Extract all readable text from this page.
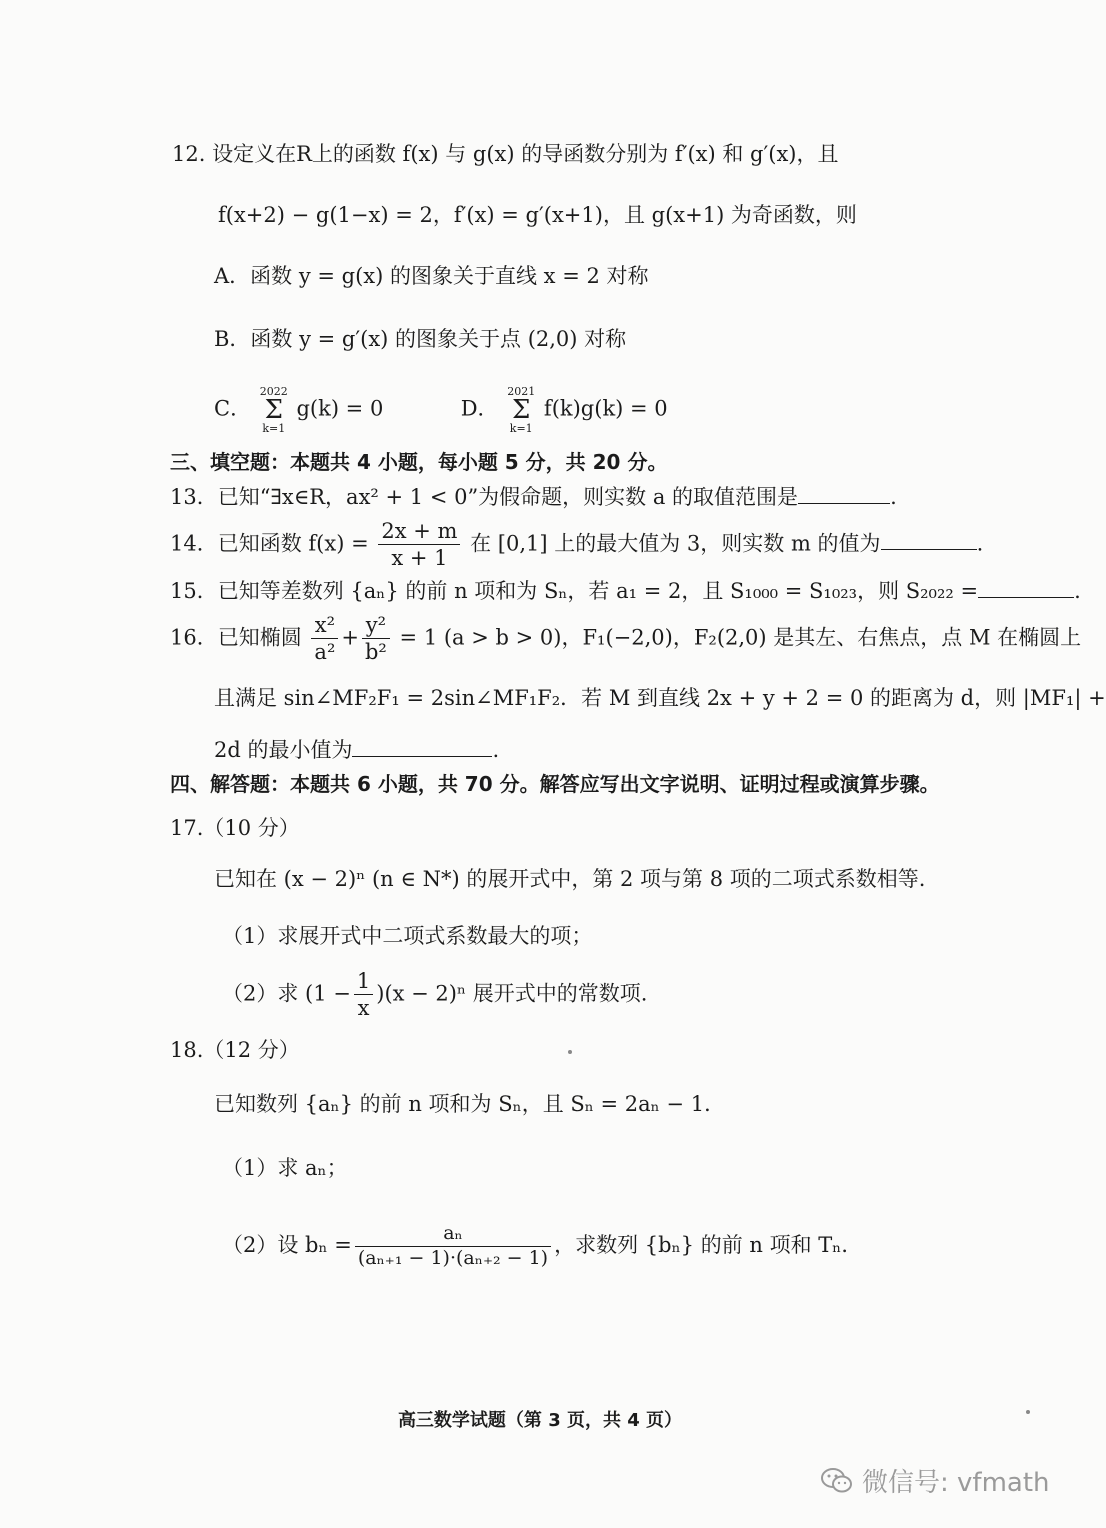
12. 设定义在R上的函数 f(x) 与 g(x) 的导函数分别为 f′(x) 和 g′(x)，且
f(x+2) − g(1−x) = 2，f′(x) = g′(x+1)，且 g(x+1) 为奇函数，则
A．函数 y = g(x) 的图象关于直线 x = 2 对称
B．函数 y = g′(x) 的图象关于点 (2,0) 对称
C．
2022
Σ
k=1
g(k) = 0	D．
2021
Σ
k=1
f(k)g(k) = 0
三、填空题：本题共 4 小题，每小题 5 分，共 20 分。
13．已知“∃x∈R，ax² + 1 < 0”为假命题，则实数 a 的取值范围是	.
14．已知函数 $f(x) = \frac{2x + m}{x + 1}$ 在 [0,1] 上的最大值为 3，则实数 m 的值为	.
15．已知等差数列 {aₙ} 的前 n 项和为 Sₙ，若 a₁ = 2，且 S₁₀₀₀ = S₁₀₂₃，则 S₂₀₂₂ =	.
16．已知椭圆 $\frac{\text{x²}}{\text{a²}} + \frac{\text{y²}}{\text{b²}} = 1$ (a > b > 0)，F₁(−2,0)，F₂(2,0) 是其左、右焦点，点 M 在椭圆上
且满足 sin∠MF₂F₁ = 2sin∠MF₁F₂．若 M 到直线 2x + y + 2 = 0 的距离为 d，则 |MF₁| +
2d 的最小值为	.
四、解答题：本题共 6 小题，共 70 分。解答应写出文字说明、证明过程或演算步骤。
17.（10 分）
已知在 (x − 2)ⁿ (n ∈ N*) 的展开式中，第 2 项与第 8 项的二项式系数相等.
（1）求展开式中二项式系数最大的项；
（2）求 $(1 - \frac{1}{x} )(x - 2)^n$ 展开式中的常数项.
18.（12 分）
已知数列 {aₙ} 的前 n 项和为 Sₙ，且 Sₙ = 2aₙ − 1．
（1）求 aₙ；
（2）设 $b_n = \frac{\text{aₙ}}{\text{(aₙ₊₁ − 1)·(aₙ₊₂ − 1)}}$ ，求数列 {bₙ} 的前 n 项和 Tₙ．
高三数学试题（第 3 页，共 4 页）
微信号: vfmath
